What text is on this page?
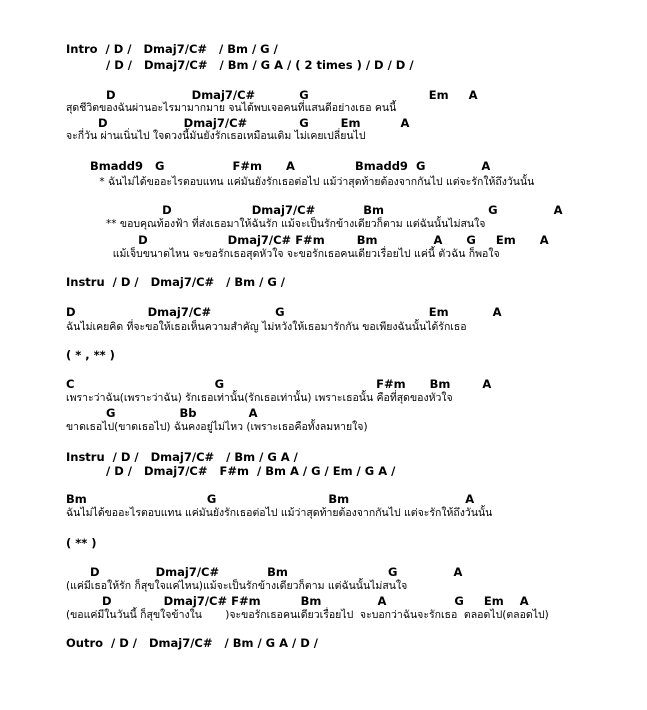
Intro  / D /   Dmaj7/C#   / Bm / G /
/ D /   Dmaj7/C#   / Bm / G A / ( 2 times ) / D / D /
D                   Dmaj7/C#           G                              Em     A
สุดชีวิตของฉันผ่านอะไรมามากมาย จนได้พบเจอคนที่แสนดีอย่างเธอ คนนี้
D                   Dmaj7/C#             G        Em          A
จะกี่วัน ผ่านเนิ่นไป ใจดวงนี้มันยังรักเธอเหมือนเดิม ไม่เคยเปลี่ยนไป
Bmadd9   G                 F#m      A               Bmadd9  G              A
* ฉันไม่ได้ขออะไรตอบแทน แค่มันยังรักเธอต่อไป แม้ว่าสุดท้ายต้องจากกันไป แต่จะรักให้ถึงวันนั้น
D                    Dmaj7/C#            Bm                          G              A
** ขอบคุณท้องฟ้า ที่ส่งเธอมาให้ฉันรัก แม้จะเป็นรักข้างเดียวก็ตาม แต่ฉันนั้นไม่สนใจ
D                    Dmaj7/C# F#m        Bm              A      G     Em      A
แม้เจ็บขนาดไหน จะขอรักเธอสุดหัวใจ จะขอรักเธอคนเดียวเรื่อยไป แค่นี้ ตัวฉัน ก็พอใจ
Instru  / D /   Dmaj7/C#   / Bm / G /
D                  Dmaj7/C#                G                                    Em           A
ฉันไม่เคยคิด ที่จะขอให้เธอเห็นความสำคัญ ไม่หวังให้เธอมารักกัน ขอเพียงฉันนั้นได้รักเธอ
( * , ** )
C                                   G                                      F#m      Bm        A
เพราะว่าฉัน(เพราะว่าฉัน) รักเธอเท่านั้น(รักเธอเท่านั้น) เพราะเธอนั้น คือที่สุดของหัวใจ
G                Bb             A
ขาดเธอไป(ขาดเธอไป) ฉันคงอยู่ไม่ไหว (เพราะเธอคือทั้งลมหายใจ)
Instru  / D /   Dmaj7/C#   / Bm / G A /
/ D /   Dmaj7/C#   F#m  / Bm A / G / Em / G A /
Bm                              G                            Bm                             A
ฉันไม่ได้ขออะไรตอบแทน แค่มันยังรักเธอต่อไป แม้ว่าสุดท้ายต้องจากกันไป แต่จะรักให้ถึงวันนั้น
( ** )
D              Dmaj7/C#            Bm                         G              A
(แค่มีเธอให้รัก ก็สุขใจแค่ไหน)แม้จะเป็นรักข้างเดียวก็ตาม แต่ฉันนั้นไม่สนใจ
D             Dmaj7/C# F#m          Bm              A                 G     Em    A
(ขอแค่มีในวันนี้ ก็สุขใจข้างใน       )จะขอรักเธอคนเดียวเรื่อยไป  จะบอกว่าฉันจะรักเธอ  ตลอดไป(ตลอดไป)
Outro  / D /   Dmaj7/C#   / Bm / G A / D /
